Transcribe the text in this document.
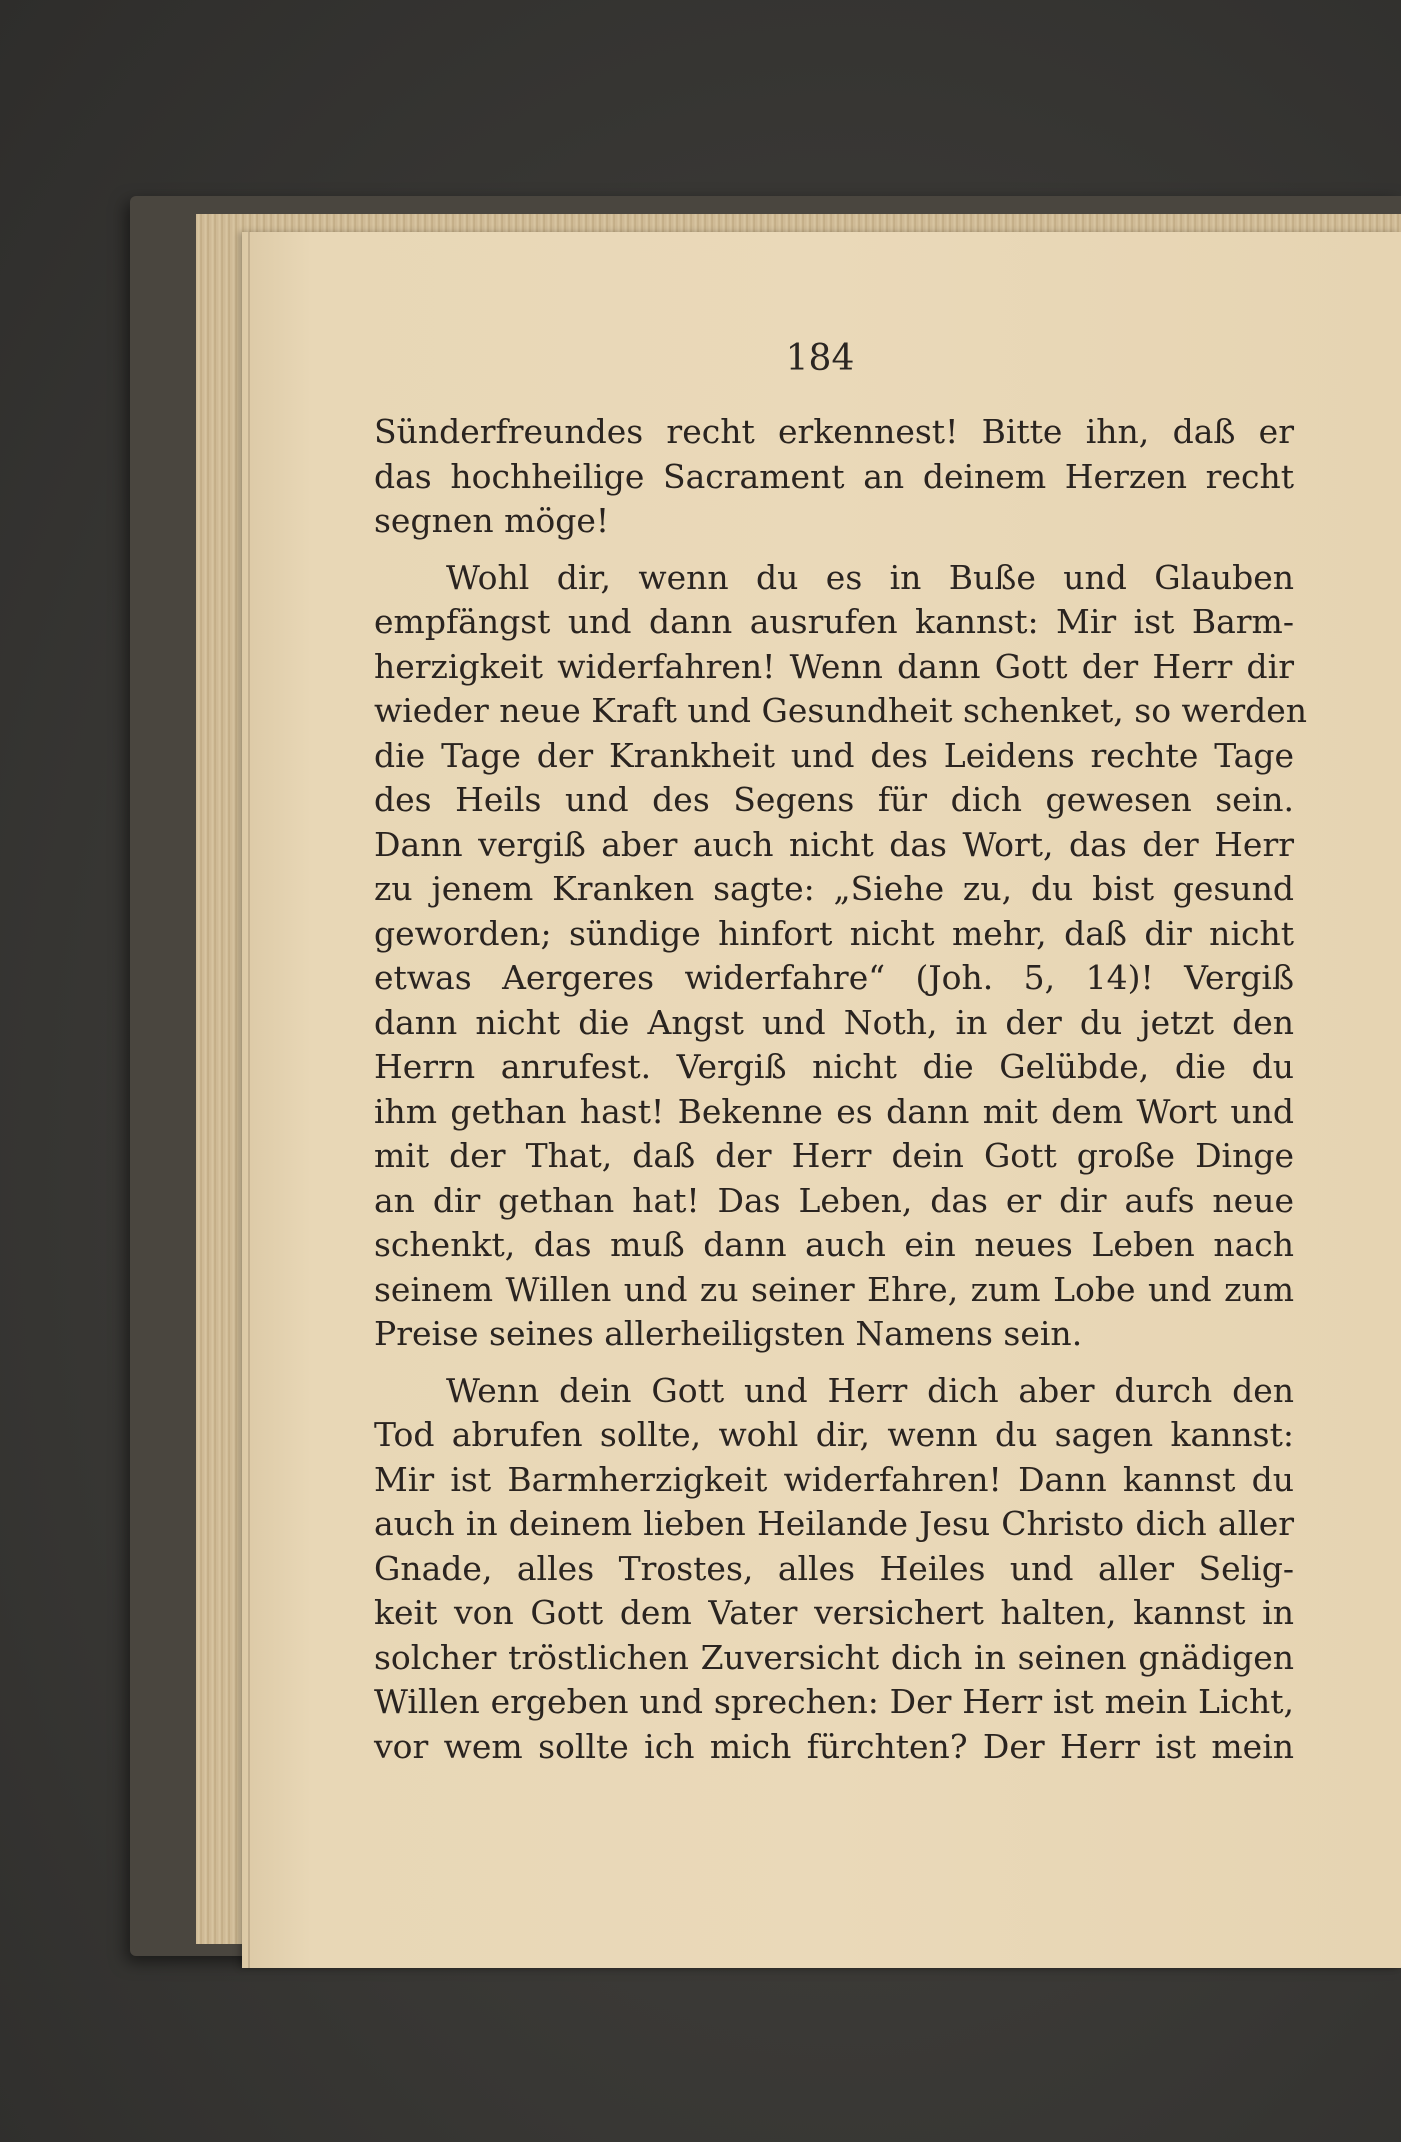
184
Sünderfreundes recht erkennest! Bitte ihn, daß er
das hochheilige Sacrament an deinem Herzen recht
segnen möge!
Wohl dir, wenn du es in Buße und Glauben
empfängst und dann ausrufen kannst: Mir ist Barm-
herzigkeit widerfahren! Wenn dann Gott der Herr dir
wieder neue Kraft und Gesundheit schenket, so werden
die Tage der Krankheit und des Leidens rechte Tage
des Heils und des Segens für dich gewesen sein.
Dann vergiß aber auch nicht das Wort, das der Herr
zu jenem Kranken sagte: „Siehe zu, du bist gesund
geworden; sündige hinfort nicht mehr, daß dir nicht
etwas Aergeres widerfahre“ (Joh. 5, 14)! Vergiß
dann nicht die Angst und Noth, in der du jetzt den
Herrn anrufest. Vergiß nicht die Gelübde, die du
ihm gethan hast! Bekenne es dann mit dem Wort und
mit der That, daß der Herr dein Gott große Dinge
an dir gethan hat! Das Leben, das er dir aufs neue
schenkt, das muß dann auch ein neues Leben nach
seinem Willen und zu seiner Ehre, zum Lobe und zum
Preise seines allerheiligsten Namens sein.
Wenn dein Gott und Herr dich aber durch den
Tod abrufen sollte, wohl dir, wenn du sagen kannst:
Mir ist Barmherzigkeit widerfahren! Dann kannst du
auch in deinem lieben Heilande Jesu Christo dich aller
Gnade, alles Trostes, alles Heiles und aller Selig-
keit von Gott dem Vater versichert halten, kannst in
solcher tröstlichen Zuversicht dich in seinen gnädigen
Willen ergeben und sprechen: Der Herr ist mein Licht,
vor wem sollte ich mich fürchten? Der Herr ist mein
